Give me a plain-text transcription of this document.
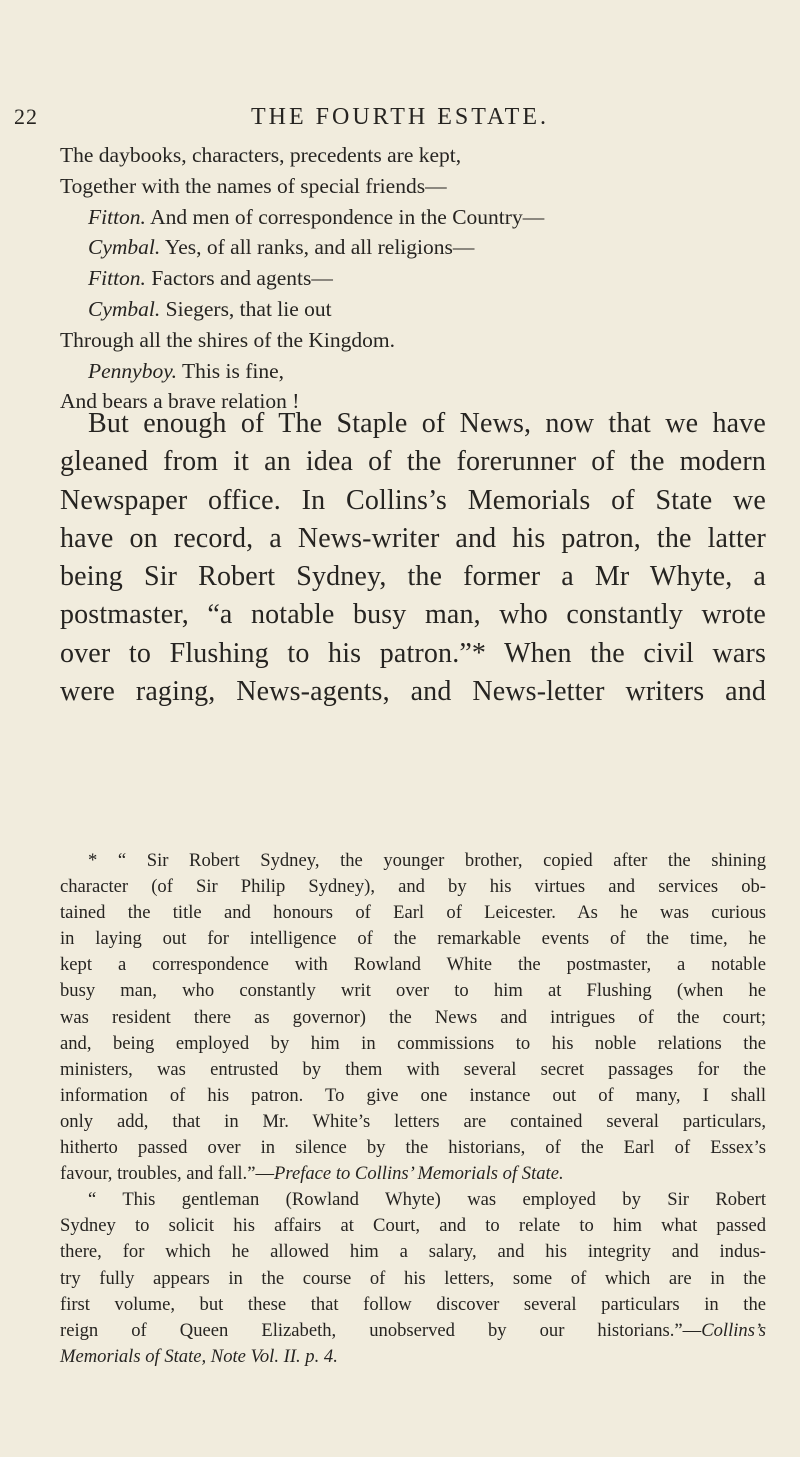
22	THE FOURTH ESTATE.
The daybooks, characters, precedents are kept,
Together with the names of special friends—
Fitton. And men of correspondence in the Country—
Cymbal. Yes, of all ranks, and all religions—
Fitton. Factors and agents—
Cymbal. Siegers, that lie out
Through all the shires of the Kingdom.
Pennyboy. This is fine,
And bears a brave relation !
But enough of The Staple of News, now that we have
gleaned from it an idea of the forerunner of the modern
Newspaper office. In Collins’s Memorials of State we
have on record, a News-writer and his patron, the latter
being Sir Robert Sydney, the former a Mr Whyte, a
postmaster, “a notable busy man, who constantly wrote
over to Flushing to his patron.”* When the civil wars
were raging, News-agents, and News-letter writers and
* “ Sir Robert Sydney, the younger brother, copied after the shining
character (of Sir Philip Sydney), and by his virtues and services ob-
tained the title and honours of Earl of Leicester. As he was curious
in laying out for intelligence of the remarkable events of the time, he
kept a correspondence with Rowland White the postmaster, a notable
busy man, who constantly writ over to him at Flushing (when he
was resident there as governor) the News and intrigues of the court;
and, being employed by him in commissions to his noble relations the
ministers, was entrusted by them with several secret passages for the
information of his patron. To give one instance out of many, I shall
only add, that in Mr. White’s letters are contained several particulars,
hitherto passed over in silence by the historians, of the Earl of Essex’s
favour, troubles, and fall.”—Preface to Collins’ Memorials of State.
“ This gentleman (Rowland Whyte) was employed by Sir Robert
Sydney to solicit his affairs at Court, and to relate to him what passed
there, for which he allowed him a salary, and his integrity and indus-
try fully appears in the course of his letters, some of which are in the
first volume, but these that follow discover several particulars in the
reign of Queen Elizabeth, unobserved by our historians.”—Collins’s
Memorials of State, Note Vol. II. p. 4.
